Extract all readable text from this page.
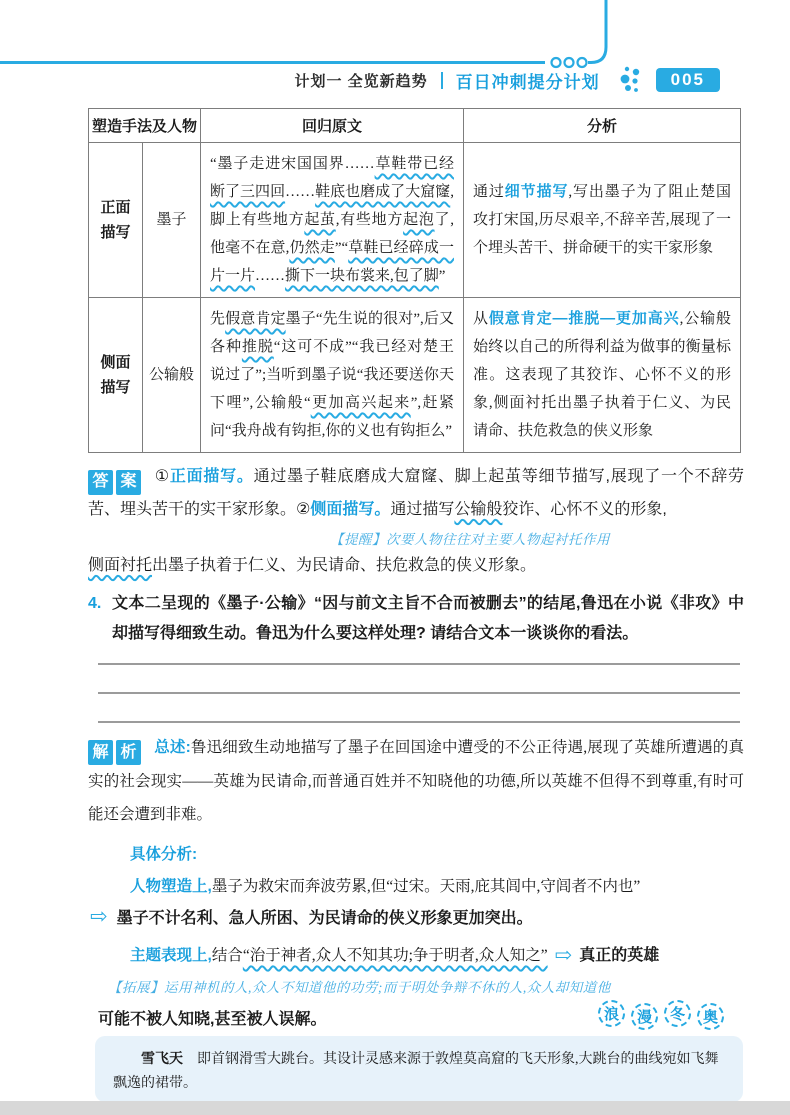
计划一 全览新趋势 百日冲刺提分计划	005
塑造手法及人物		回归原文	分析
正面描写	墨子	“墨子走进宋国国界……草鞋带已经断了三四回……鞋底也磨成了大窟窿,脚上有些地方起茧,有些地方起泡了,他毫不在意,仍然走”“草鞋已经碎成一片一片……撕下一块布裳来,包了脚”	通过细节描写,写出墨子为了阻止楚国攻打宋国,历尽艰辛,不辞辛苦,展现了一个埋头苦干、拼命硬干的实干家形象
侧面描写	公输般	先假意肯定墨子“先生说的很对”,后又各种推脱“这可不成”“我已经对楚王说过了”;当听到墨子说“我还要送你天下哩”,公输般“更加高兴起来”,赶紧问“我舟战有钩拒,你的义也有钩拒么”	从假意肯定—推脱—更加高兴,公输般始终以自己的所得利益为做事的衡量标准。这表现了其狡诈、心怀不义的形象,侧面衬托出墨子执着于仁义、为民请命、扶危救急的侠义形象
答 案 ①正面描写。通过墨子鞋底磨成大窟窿、脚上起茧等细节描写,展现了一个不辞劳苦、埋头苦干的实干家形象。②侧面描写。通过描写公输般狡诈、心怀不义的形象,
【提醒】次要人物往往对主要人物起衬托作用
侧面衬托出墨子执着于仁义、为民请命、扶危救急的侠义形象。
4. 文本二呈现的《墨子·公输》“因与前文主旨不合而被删去”的结尾,鲁迅在小说《非攻》中却描写得细致生动。鲁迅为什么要这样处理? 请结合文本一谈谈你的看法。
解 析 总述:鲁迅细致生动地描写了墨子在回国途中遭受的不公正待遇,展现了英雄所遭遇的真实的社会现实——英雄为民请命,而普通百姓并不知晓他的功德,所以英雄不但得不到尊重,有时可能还会遭到非难。
具体分析:
人物塑造上,墨子为救宋而奔波劳累,但“过宋。天雨,庇其闾中,守闾者不内也”
⇨ 墨子不计名利、急人所困、为民请命的侠义形象更加突出。
主题表现上,结合“治于神者,众人不知其功;争于明者,众人知之” ⇨ 真正的英雄
【拓展】运用神机的人,众人不知道他的功劳;而于明处争辩不休的人,众人却知道他
可能不被人知晓,甚至被人误解。	浪	漫	冬	奥

雪飞天 即首钢滑雪大跳台。其设计灵感来源于敦煌莫高窟的飞天形象,大跳台的曲线宛如飞舞飘逸的裙带。
